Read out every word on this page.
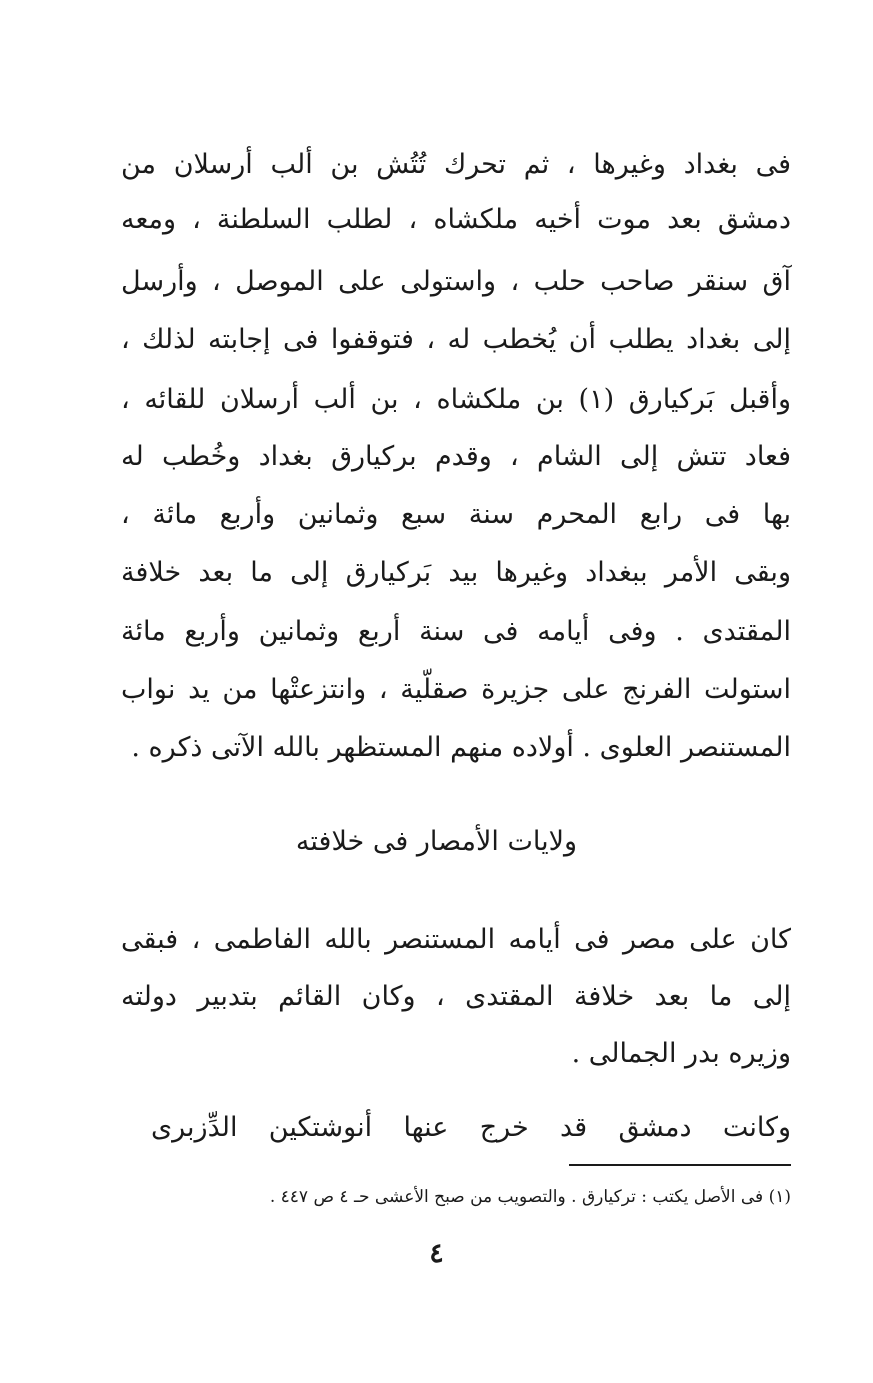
فى بغداد وغيرها ، ثم تحرك تُتُش بن ألب أرسلان من
دمشق بعد موت أخيه ملكشاه ، لطلب السلطنة ، ومعه
آق سنقر صاحب حلب ، واستولى على الموصل ، وأرسل
إلى بغداد يطلب أن يُخطب له ، فتوقفوا فى إجابته لذلك ،
وأقبل بَركيارق (١) بن ملكشاه ، بن ألب أرسلان للقائه ،
فعاد تتش إلى الشام ، وقدم بركيارق بغداد وخُطب له
بها فى رابع المحرم سنة سبع وثمانين وأربع مائة ،
وبقى الأمر ببغداد وغيرها بيد بَركيارق إلى ما بعد خلافة
المقتدى . وفى أيامه فى سنة أربع وثمانين وأربع مائة
استولت الفرنج على جزيرة صقلّية ، وانتزعتْها من يد نواب
المستنصر العلوى . أولاده منهم المستظهر بالله الآتى ذكره .
ولايات الأمصار فى خلافته
كان على مصر فى أيامه المستنصر بالله الفاطمى ، فبقى
إلى ما بعد خلافة المقتدى ، وكان القائم بتدبير دولته
وزيره بدر الجمالى .
وكانت دمشق قد خرج عنها أنوشتكين الدِّزبرى
(١) فى الأصل يكتب : تركيارق . والتصويب من صبح الأعشى حـ ٤ ص ٤٤٧ .
٤
